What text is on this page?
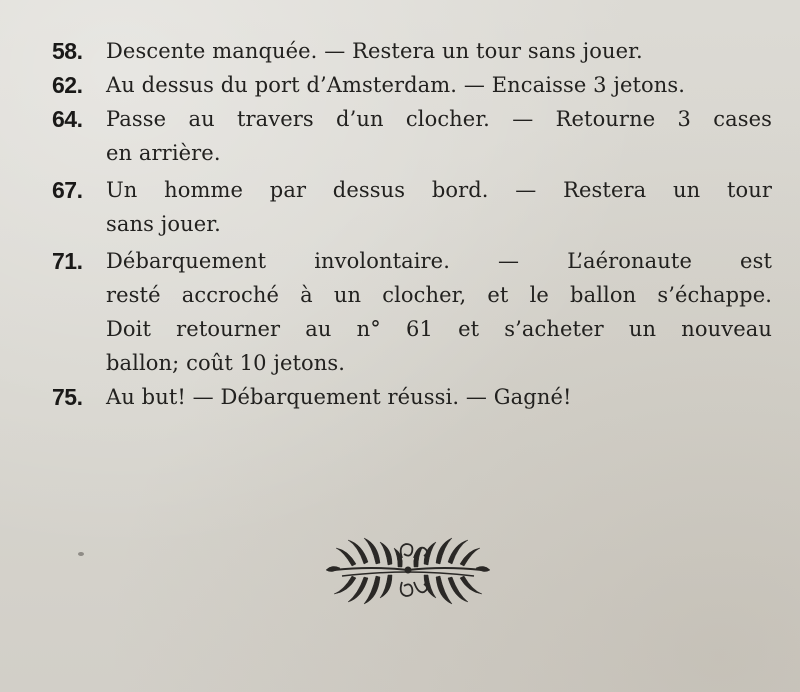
58.	Descente manquée. — Restera un tour sans jouer.
62.	Au dessus du port d’Amsterdam. — Encaisse 3 jetons.
64.	Passe au travers d’un clocher. — Retourne 3 cases
en arrière.
67.	Un homme par dessus bord. — Restera un tour
sans jouer.
71.	Débarquement involontaire. — L’aéronaute est
resté accroché à un clocher, et le ballon s’échappe.
Doit retourner au n° 61 et s’acheter un nouveau
ballon; coût 10 jetons.
75.	Au but! — Débarquement réussi. — Gagné!
